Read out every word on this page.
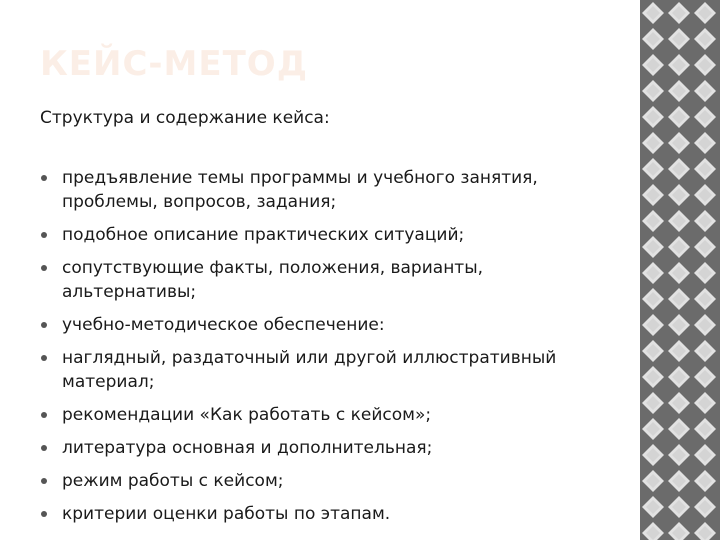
КЕЙС-МЕТОД
Структура и содержание кейса:
предъявление темы программы и учебного занятия, проблемы, вопросов, задания;
подобное описание практических ситуаций;
сопутствующие факты, положения, варианты, альтернативы;
учебно-методическое обеспечение:
наглядный, раздаточный или другой иллюстративный материал;
рекомендации «Как работать с кейсом»;
литература основная и дополнительная;
режим работы с кейсом;
критерии оценки работы по этапам.
